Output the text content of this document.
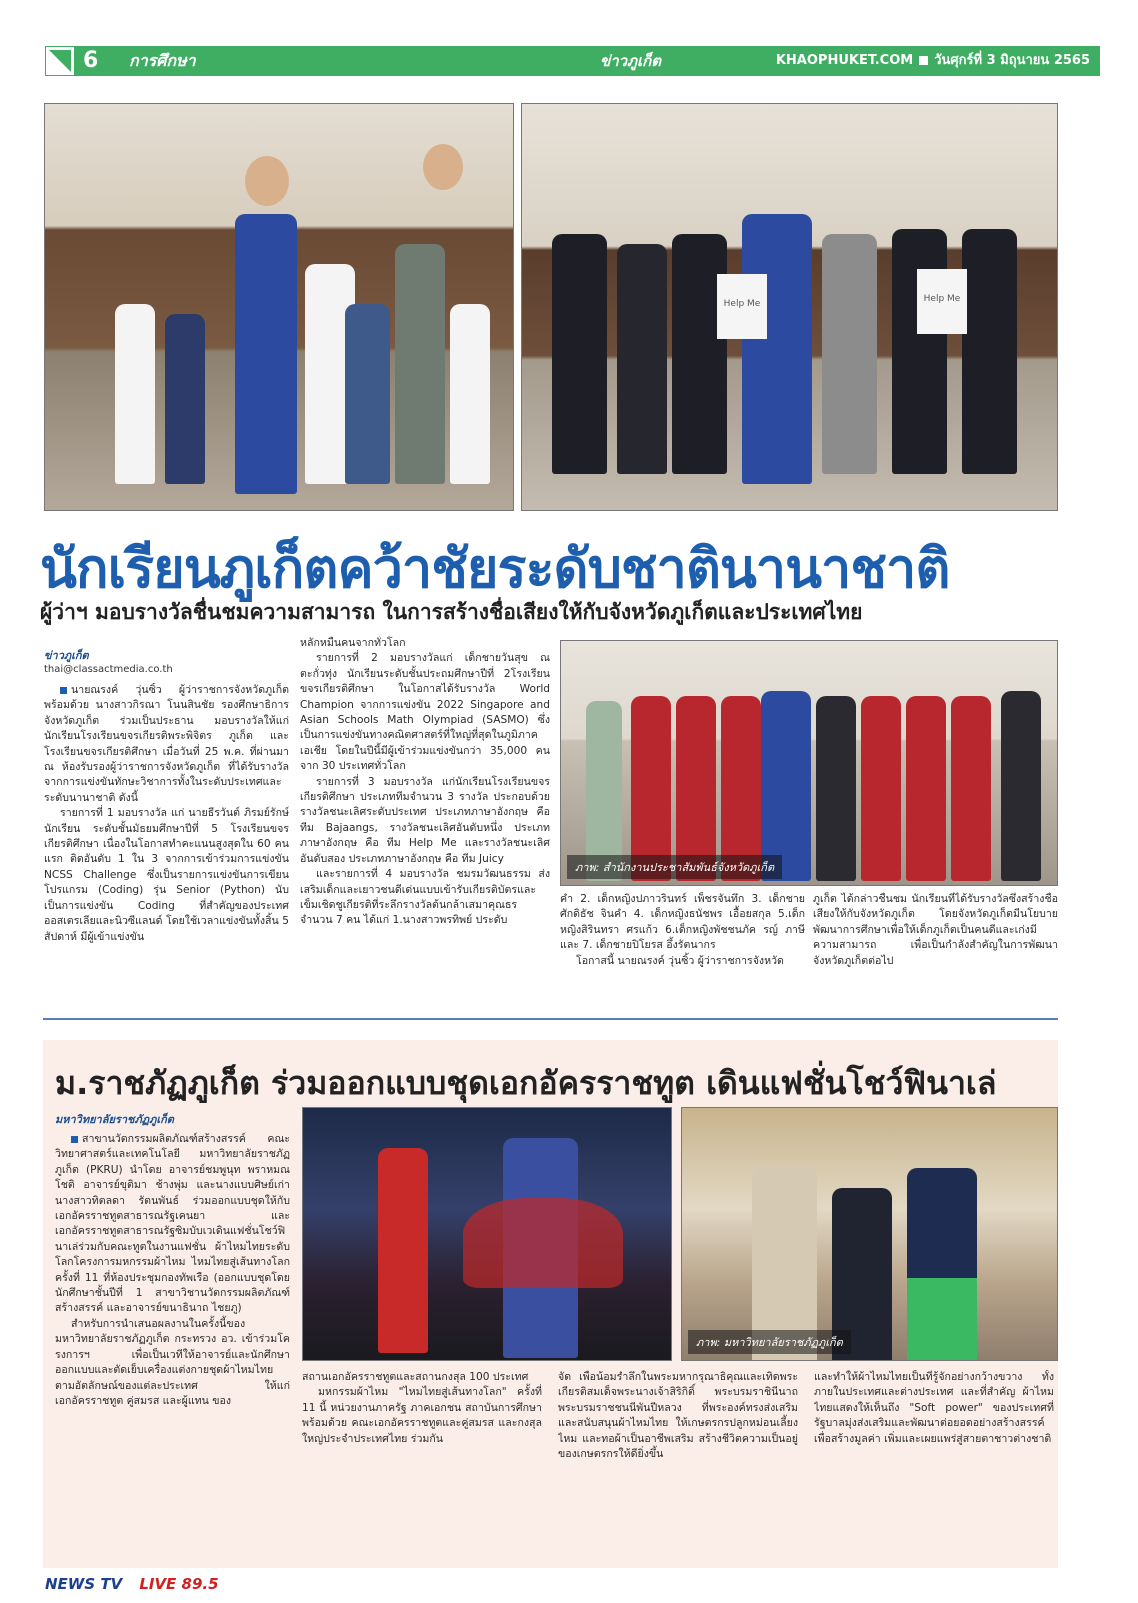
6 การศึกษา	ข่าวภูเก็ต	KHAOPHUKET.COM วันศุกร์ที่ 3 มิถุนายน 2565
Help Me	Help Me
นักเรียนภูเก็ตคว้าชัยระดับชาตินานาชาติ
ผู้ว่าฯ มอบรางวัลชื่นชมความสามารถ ในการสร้างชื่อเสียงให้กับจังหวัดภูเก็ตและประเทศไทย
ข่าวภูเก็ต
thai@classactmedia.co.th

นายณรงค์ วุ่นซิ้ว ผู้ว่าราชการจังหวัดภูเก็ต พร้อมด้วย นางสาวกิรณา โนนสินชัย รองศึกษาธิการจังหวัดภูเก็ต ร่วมเป็นประธาน มอบรางวัลให้แก่ นักเรียนโรงเรียนขจรเกียรติพระพิจิตร ภูเก็ต และโรงเรียนขจรเกียรติศึกษา เมื่อวันที่ 25 พ.ค. ที่ผ่านมา ณ ห้องรับรองผู้ว่าราชการจังหวัดภูเก็ต ที่ได้รับรางวัลจากการแข่งขันทักษะวิชาการทั้งในระดับประเทศและระดับนานาชาติ ดังนี้

รายการที่ 1 มอบรางวัล แก่ นายธีรวันต์ ภิรมย์รักษ์ นักเรียน ระดับชั้นมัธยมศึกษาปีที่ 5 โรงเรียนขจรเกียรติศึกษา เนื่องในโอกาสทำคะแนนสูงสุดใน 60 คนแรก ติดอันดับ 1 ใน 3 จากการเข้าร่วมการแข่งขัน NCSS Challenge ซึ่งเป็นรายการแข่งขันการเขียนโปรแกรม (Coding) รุ่น Senior (Python) นับเป็นการแข่งขัน Coding ที่สำคัญของประเทศออสเตรเลียและนิวซีแลนด์ โดยใช้เวลาแข่งขันทั้งสิ้น 5 สัปดาห์ มีผู้เข้าแข่งขัน

หลักหมื่นคนจากทั่วโลก

รายการที่ 2 มอบรางวัลแก่ เด็กชายวันสุข ณ ตะกั่วทุ่ง นักเรียนระดับชั้นประถมศึกษาปีที่ 2โรงเรียนขจรเกียรติศึกษา ในโอกาสได้รับรางวัล World Champion จากการแข่งขัน 2022 Singapore and Asian Schools Math Olympiad (SASMO) ซึ่งเป็นการแข่งขันทางคณิตศาสตร์ที่ใหญ่ที่สุดในภูมิภาคเอเชีย โดยในปีนี้มีผู้เข้าร่วมแข่งขันกว่า 35,000 คน จาก 30 ประเทศทั่วโลก

รายการที่ 3 มอบรางวัล แก่นักเรียนโรงเรียนขจรเกียรติศึกษา ประเภททีมจำนวน 3 รางวัล ประกอบด้วยรางวัลชนะเลิศระดับประเทศ ประเภทภาษาอังกฤษ คือ ทีม Bajaangs, รางวัลชนะเลิศอันดับหนึ่ง ประเภทภาษาอังกฤษ คือ ทีม Help Me และรางวัลชนะเลิศอันดับสอง ประเภทภาษาอังกฤษ คือ ทีม Juicy

และรายการที่ 4 มอบรางวัล ชมรมวัฒนธรรม ส่งเสริมเด็กและเยาวชนดีเด่นแบบเข้ารับเกียรติบัตรและเข็มเชิดชูเกียรติที่ระลึกรางวัลต้นกล้าเสมาคุณธร จำนวน 7 คน ได้แก่ 1.นางสาวพรทิพย์ ประดับ

ภาพ: สำนักงานประชาสัมพันธ์จังหวัดภูเก็ต

คำ 2. เด็กหญิงปภาวรินทร์ เพ็ชรจันทึก 3. เด็กชายศักดิธัช จินคำ 4. เด็กหญิงธนัชพร เอื้อยสกุล 5.เด็กหญิงสิรินทรา ศรแก้ว 6.เด็กหญิงพัชชนภัค รญ์ ภาษี และ 7. เด็กชายปิโยรส อึ้งรัตนากร

โอกาสนี้ นายณรงค์ วุ่นซิ้ว ผู้ว่าราชการจังหวัด

ภูเก็ต ได้กล่าวชื่นชม นักเรียนที่ได้รับรางวัลซึ่งสร้างชื่อเสียงให้กับจังหวัดภูเก็ต โดยจังหวัดภูเก็ตมีนโยบายพัฒนาการศึกษาเพื่อให้เด็กภูเก็ตเป็นคนดีและเก่งมีความสามารถ เพื่อเป็นกำลังสำคัญในการพัฒนาจังหวัดภูเก็ตต่อไป

ม.ราชภัฏภูเก็ต ร่วมออกแบบชุดเอกอัครราชทูต เดินแฟชั่นโชว์ฟินาเล่
มหาวิทยาลัยราชภัฏภูเก็ต

สาขานวัตกรรมผลิตภัณฑ์สร้างสรรค์ คณะวิทยาศาสตร์และเทคโนโลยี มหาวิทยาลัยราชภัฏภูเก็ต (PKRU) นำโดย อาจารย์ชมพูนุท พราหมณโชติ อาจารย์ขุติมา ช้างพุ่ม และนางแบบศิษย์เก่า นางสาวทิตลดา รัตนพันธ์ ร่วมออกแบบชุดให้กับเอกอัครราชทูตสาธารณรัฐเคนยา และเอกอัครราชทูตสาธารณรัฐซิมบับเวเดินแฟชั่นโชว์ฟินาเล่ร่วมกับคณะทูตในงานแฟชั่น ผ้าไหมไทยระดับโลกโครงการมหกรรมผ้าไหม ไหมไทยสู่เส้นทางโลก ครั้งที่ 11 ที่ห้องประชุมกองทัพเรือ (ออกแบบชุดโดย นักศึกษาชั้นปีที่ 1 สาขาวิชานวัตกรรมผลิตภัณฑ์สร้างสรรค์ และอาจารย์ขนาธินาถ ไชยภู)

สำหรับการนำเสนอผลงานในครั้งนี้ของมหาวิทยาลัยราชภัฏภูเก็ต กระทรวง อว. เข้าร่วมโครงการฯ เพื่อเป็นเวทีให้อาจารย์และนักศึกษาออกแบบและตัดเย็บเครื่องแต่งกายชุดผ้าไหมไทย ตามอัตลักษณ์ของแต่ละประเทศ ให้แก่เอกอัครราชทูต คู่สมรส และผู้แทน ของ

ภาพ: มหาวิทยาลัยราชภัฏภูเก็ต

สถานเอกอัครราชทูตและสถานกงสุล 100 ประเทศ

มหกรรมผ้าไหม "ไหมไทยสู่เส้นทางโลก" ครั้งที่ 11 นี้ หน่วยงานภาครัฐ ภาคเอกชน สถาบันการศึกษา พร้อมด้วย คณะเอกอัครราชทูตและคู่สมรส และกงสุลใหญ่ประจำประเทศไทย ร่วมกัน

จัด เพื่อน้อมรำลึกในพระมหากรุณาธิคุณและเทิดพระเกียรติสมเด็จพระนางเจ้าสิริกิติ์ พระบรมราชินีนาถ พระบรมราชชนนีพันปีหลวง ที่พระองค์ทรงส่งเสริมและสนับสนุนผ้าไหมไทย ให้เกษตรกรปลูกหม่อนเลี้ยงไหม และทอผ้าเป็นอาชีพเสริม สร้างชีวิตความเป็นอยู่ของเกษตรกรให้ดียิ่งขึ้น

และทำให้ผ้าไหมไทยเป็นที่รู้จักอย่างกว้างขวาง ทั้งภายในประเทศและต่างประเทศ และที่สำคัญ ผ้าไหมไทยแสดงให้เห็นถึง "Soft power" ของประเทศที่รัฐบาลมุ่งส่งเสริมและพัฒนาต่อยอดอย่างสร้างสรรค์ เพื่อสร้างมูลค่า เพิ่มและเผยแพร่สู่สายตาชาวต่างชาติ

NEWS TV LIVE 89.5
